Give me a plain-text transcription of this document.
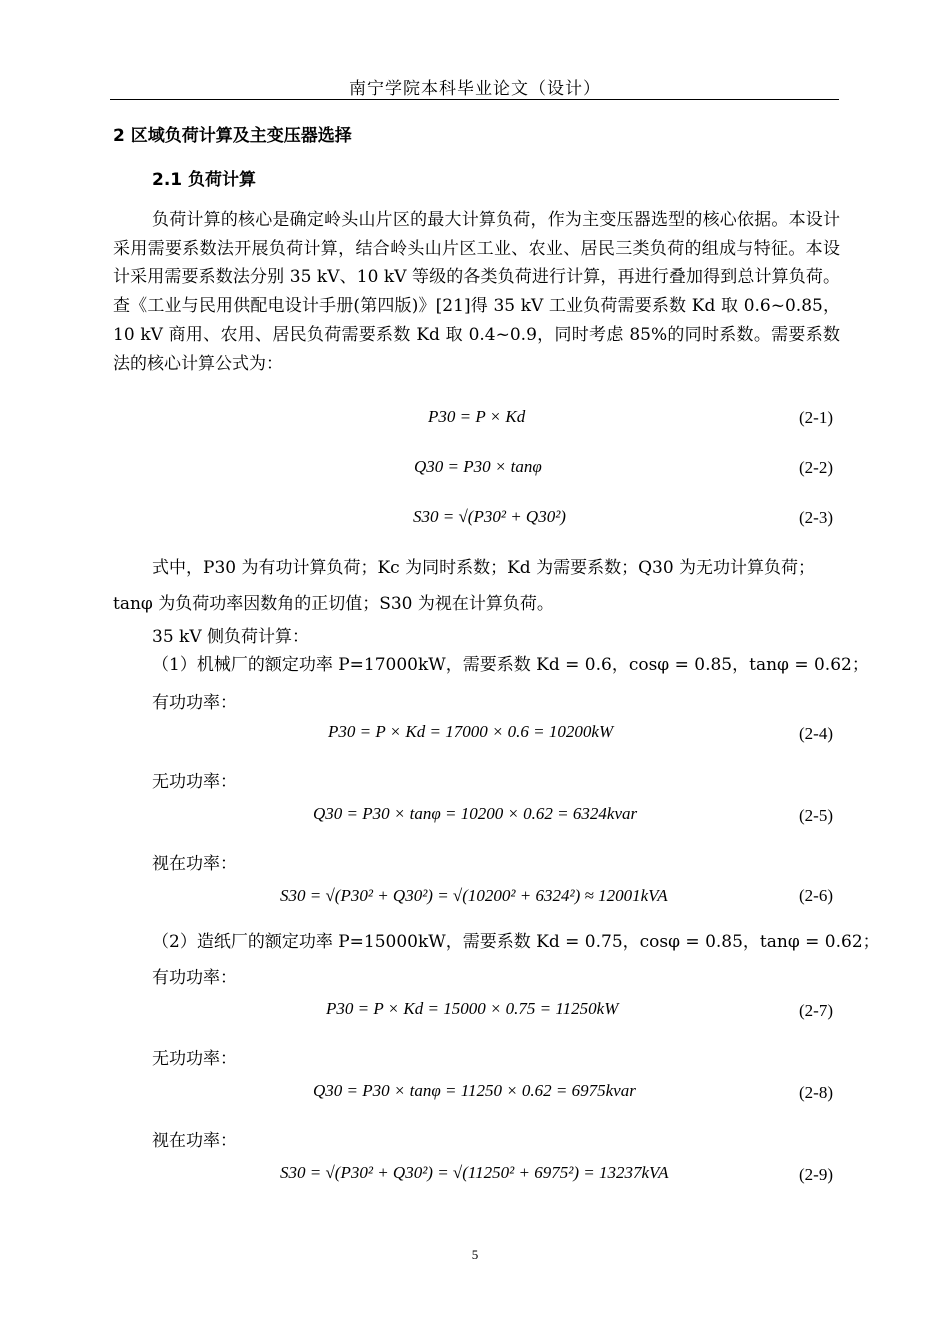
南宁学院本科毕业论文（设计）
2 区域负荷计算及主变压器选择
2.1 负荷计算
负荷计算的核心是确定岭头山片区的最大计算负荷，作为主变压器选型的核心依据。本设计采用需要系数法开展负荷计算，结合岭头山片区工业、农业、居民三类负荷的组成与特征。本设计采用需要系数法分别 35 kV、10 kV 等级的各类负荷进行计算，再进行叠加得到总计算负荷。查《工业与民用供配电设计手册(第四版)》[21]得 35 kV 工业负荷需要系数 Kd 取 0.6~0.85，10 kV 商用、农用、居民负荷需要系数 Kd 取 0.4~0.9，同时考虑 85%的同时系数。需要系数法的核心计算公式为：
P30 = P × Kd	(2-1)
Q30 = P30 × tanφ	(2-2)
S30 = √(P30² + Q30²)	(2-3)
式中，P30 为有功计算负荷；Kc 为同时系数；Kd 为需要系数；Q30 为无功计算负荷；
tanφ 为负荷功率因数角的正切值；S30 为视在计算负荷。
35 kV 侧负荷计算：
（1）机械厂的额定功率 P=17000kW，需要系数 Kd = 0.6，cosφ = 0.85，tanφ = 0.62；
有功功率：
P30 = P × Kd = 17000 × 0.6 = 10200kW	(2-4)
无功功率：
Q30 = P30 × tanφ = 10200 × 0.62 = 6324kvar	(2-5)
视在功率：
S30 = √(P30² + Q30²) = √(10200² + 6324²) ≈ 12001kVA	(2-6)
（2）造纸厂的额定功率 P=15000kW，需要系数 Kd = 0.75，cosφ = 0.85，tanφ = 0.62；
有功功率：
P30 = P × Kd = 15000 × 0.75 = 11250kW	(2-7)
无功功率：
Q30 = P30 × tanφ = 11250 × 0.62 = 6975kvar	(2-8)
视在功率：
S30 = √(P30² + Q30²) = √(11250² + 6975²) = 13237kVA	(2-9)
5
